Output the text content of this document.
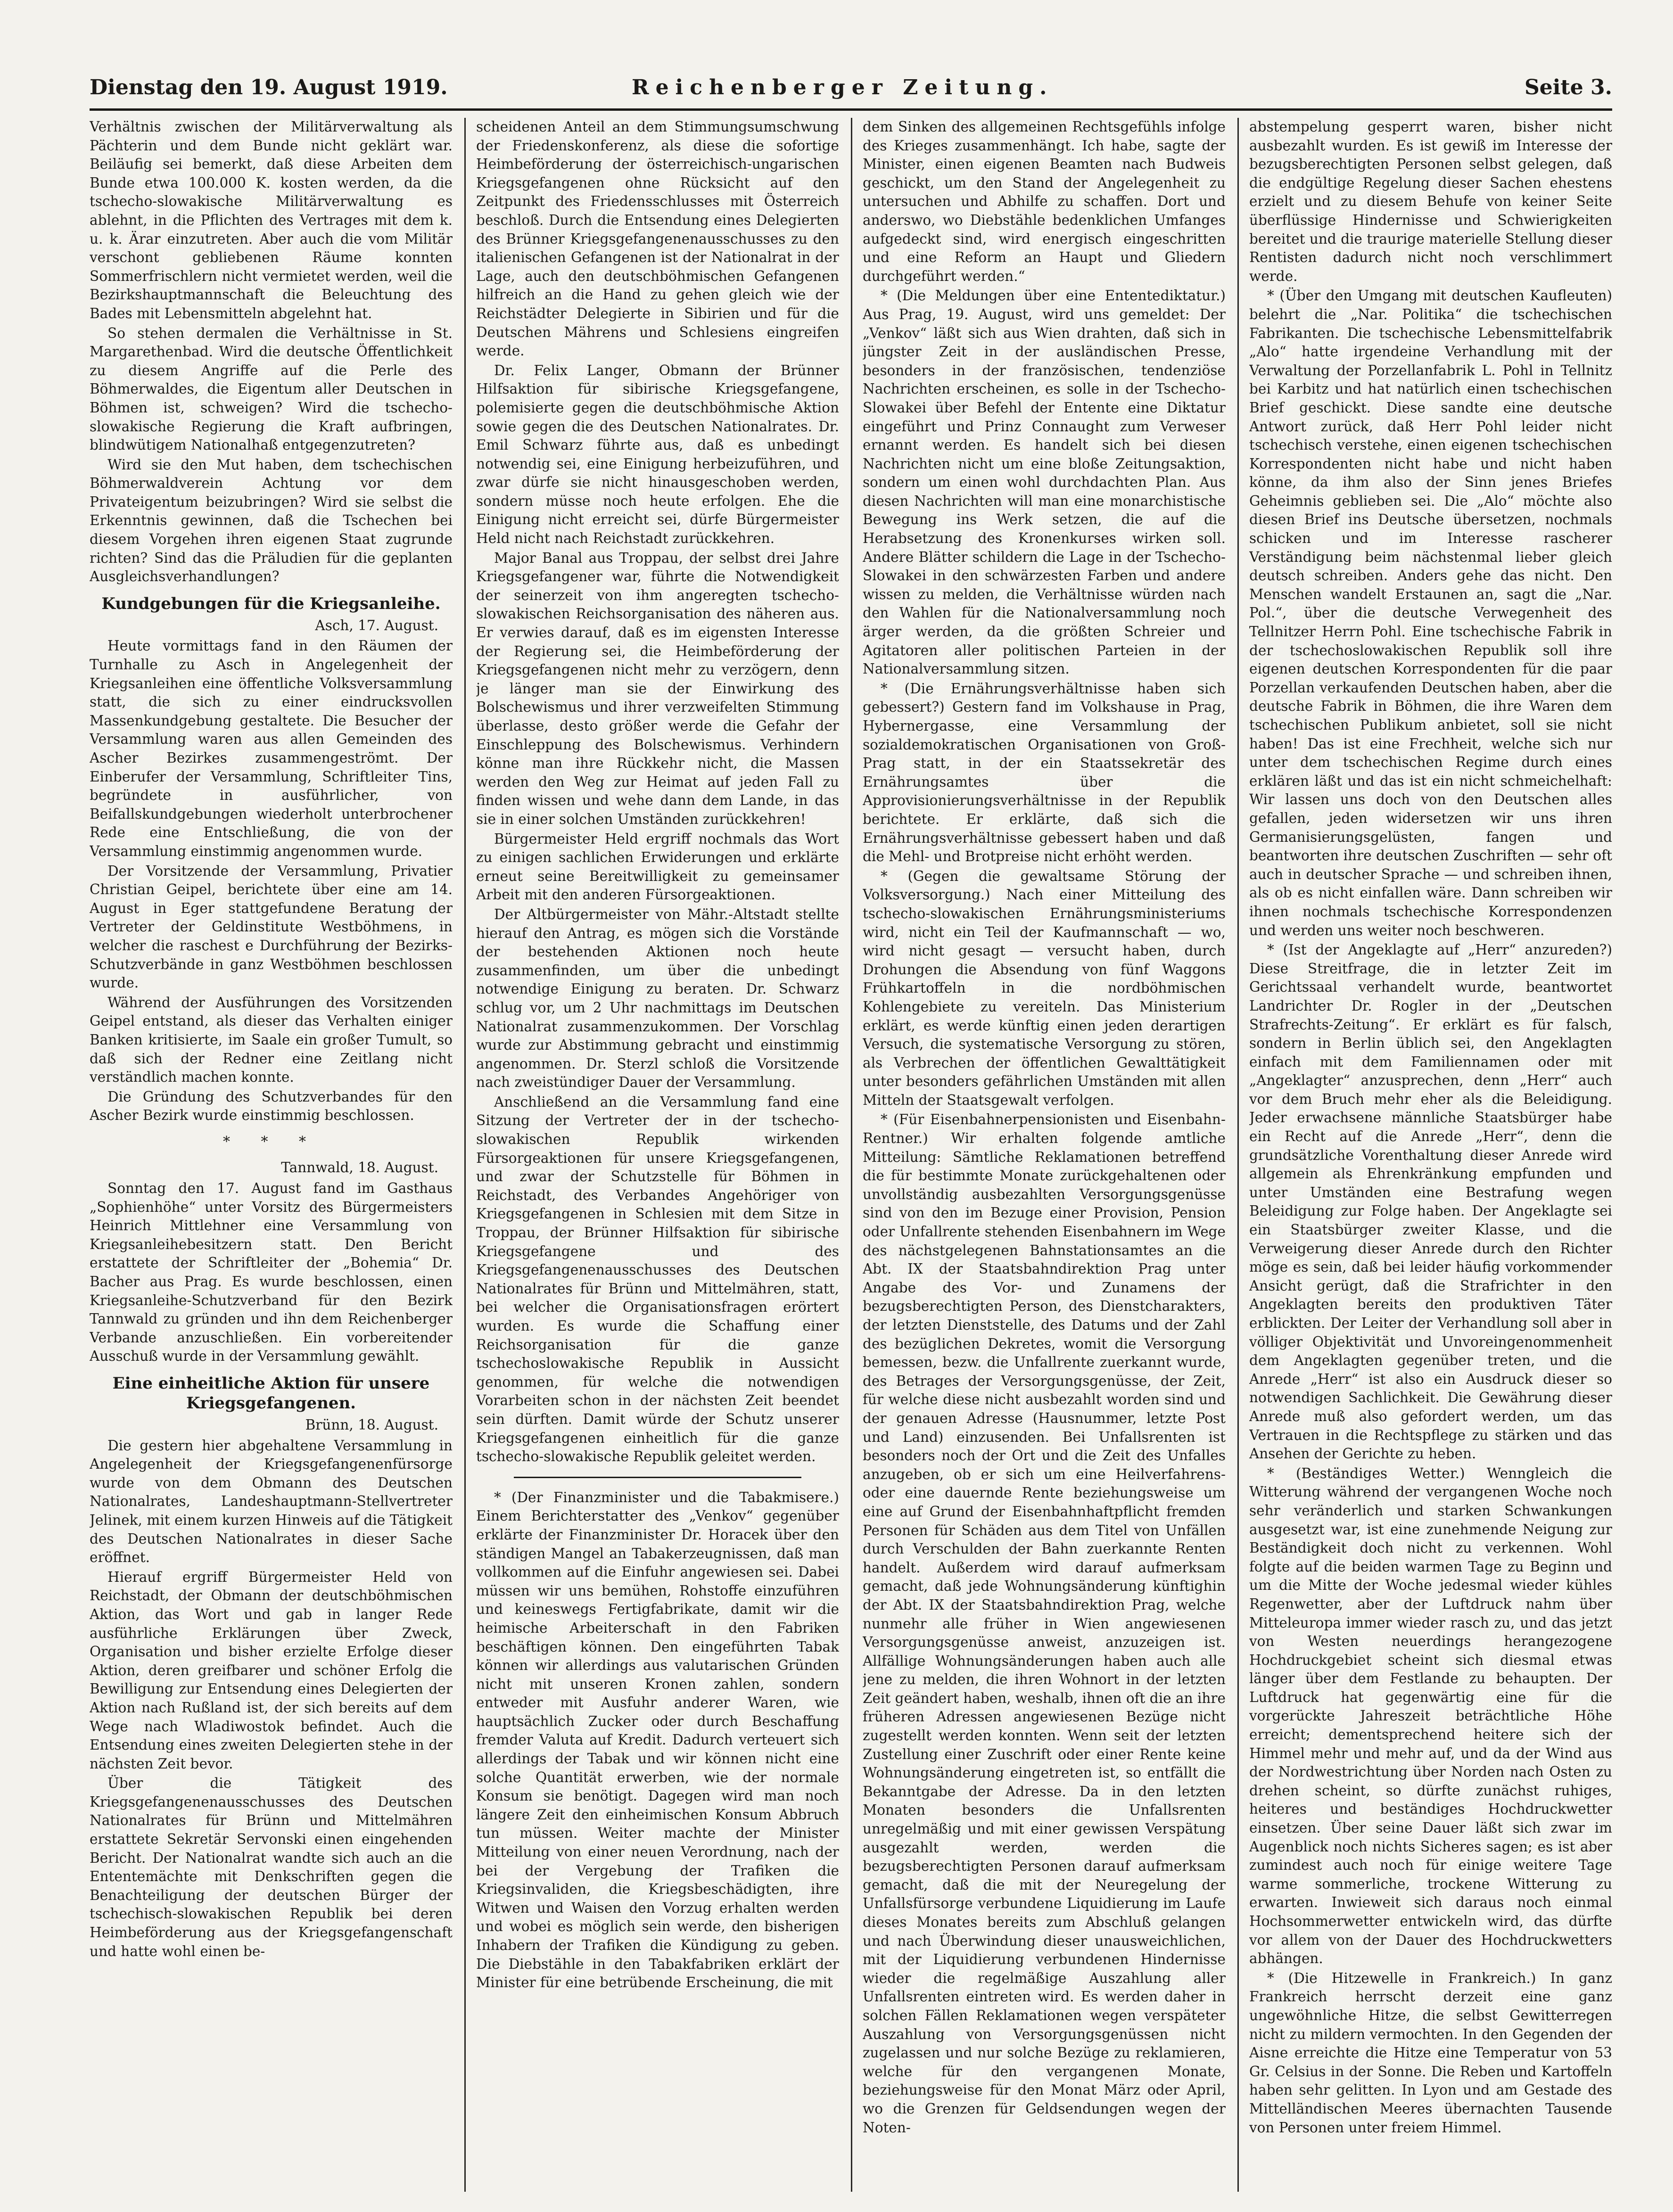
Dienstag den 19. August 1919.	Reichenberger Zeitung.	Seite 3.

Verhältnis zwischen der Militärverwaltung als Pächterin und dem Bunde nicht geklärt war. Beiläufig sei bemerkt, daß diese Arbeiten dem Bunde etwa 100.000 K. kosten werden, da die tschecho-slowakische Militärverwaltung es ablehnt, in die Pflichten des Vertrages mit dem k. u. k. Ärar einzutreten. Aber auch die vom Militär verschont gebliebenen Räume konnten Sommerfrischlern nicht vermietet werden, weil die Bezirkshauptmannschaft die Beleuchtung des Bades mit Lebensmitteln abgelehnt hat.

So stehen dermalen die Verhältnisse in St. Margarethenbad. Wird die deutsche Öffentlichkeit zu diesem Angriffe auf die Perle des Böhmerwaldes, die Eigentum aller Deutschen in Böhmen ist, schweigen? Wird die tschecho-slowakische Regierung die Kraft aufbringen, blindwütigem Nationalhaß entgegenzutreten?

Wird sie den Mut haben, dem tschechischen Böhmerwaldverein Achtung vor dem Privateigentum beizubringen? Wird sie selbst die Erkenntnis gewinnen, daß die Tschechen bei diesem Vorgehen ihren eigenen Staat zugrunde richten? Sind das die Präludien für die geplanten Ausgleichsverhandlungen?

Kundgebungen für die Kriegsanleihe.
Asch, 17. August.

Heute vormittags fand in den Räumen der Turnhalle zu Asch in Angelegenheit der Kriegsanleihen eine öffentliche Volksversammlung statt, die sich zu einer eindrucksvollen Massenkundgebung gestaltete. Die Besucher der Versammlung waren aus allen Gemeinden des Ascher Bezirkes zusammengeströmt. Der Einberufer der Versammlung, Schriftleiter Tins, begründete in ausführlicher, von Beifallskundgebungen wiederholt unterbrochener Rede eine Entschließung, die von der Versammlung einstimmig angenommen wurde.

Der Vorsitzende der Versammlung, Privatier Christian Geipel, berichtete über eine am 14. August in Eger stattgefundene Beratung der Vertreter der Geldinstitute Westböhmens, in welcher die raschest e Durchführung der Bezirks-Schutzverbände in ganz Westböhmen beschlossen wurde.

Während der Ausführungen des Vorsitzenden Geipel entstand, als dieser das Verhalten einiger Banken kritisierte, im Saale ein großer Tumult, so daß sich der Redner eine Zeitlang nicht verständlich machen konnte.

Die Gründung des Schutzverbandes für den Ascher Bezirk wurde einstimmig beschlossen.

* * *
Tannwald, 18. August.

Sonntag den 17. August fand im Gasthaus „Sophienhöhe“ unter Vorsitz des Bürgermeisters Heinrich Mittlehner eine Versammlung von Kriegsanleihebesitzern statt. Den Bericht erstattete der Schriftleiter der „Bohemia“ Dr. Bacher aus Prag. Es wurde beschlossen, einen Kriegsanleihe-Schutzverband für den Bezirk Tannwald zu gründen und ihn dem Reichenberger Verbande anzuschließen. Ein vorbereitender Ausschuß wurde in der Versammlung gewählt.

Eine einheitliche Aktion für unsere Kriegsgefangenen.
Brünn, 18. August.

Die gestern hier abgehaltene Versammlung in Angelegenheit der Kriegsgefangenenfürsorge wurde von dem Obmann des Deutschen Nationalrates, Landeshauptmann-Stellvertreter Jelinek, mit einem kurzen Hinweis auf die Tätigkeit des Deutschen Nationalrates in dieser Sache eröffnet.

Hierauf ergriff Bürgermeister Held von Reichstadt, der Obmann der deutschböhmischen Aktion, das Wort und gab in langer Rede ausführliche Erklärungen über Zweck, Organisation und bisher erzielte Erfolge dieser Aktion, deren greifbarer und schöner Erfolg die Bewilligung zur Entsendung eines Delegierten der Aktion nach Rußland ist, der sich bereits auf dem Wege nach Wladiwostok befindet. Auch die Entsendung eines zweiten Delegierten stehe in der nächsten Zeit bevor.

Über die Tätigkeit des Kriegsgefangenenausschusses des Deutschen Nationalrates für Brünn und Mittelmähren erstattete Sekretär Servonski einen eingehenden Bericht. Der Nationalrat wandte sich auch an die Ententemächte mit Denkschriften gegen die Benachteiligung der deutschen Bürger der tschechisch-slowakischen Republik bei deren Heimbeförderung aus der Kriegsgefangenschaft und hatte wohl einen be-

scheidenen Anteil an dem Stimmungsumschwung der Friedenskonferenz, als diese die sofortige Heimbeförderung der österreichisch-ungarischen Kriegsgefangenen ohne Rücksicht auf den Zeitpunkt des Friedensschlusses mit Österreich beschloß. Durch die Entsendung eines Delegierten des Brünner Kriegsgefangenenausschusses zu den italienischen Gefangenen ist der Nationalrat in der Lage, auch den deutschböhmischen Gefangenen hilfreich an die Hand zu gehen gleich wie der Reichstädter Delegierte in Sibirien und für die Deutschen Mährens und Schlesiens eingreifen werde.

Dr. Felix Langer, Obmann der Brünner Hilfsaktion für sibirische Kriegsgefangene, polemisierte gegen die deutschböhmische Aktion sowie gegen die des Deutschen Nationalrates. Dr. Emil Schwarz führte aus, daß es unbedingt notwendig sei, eine Einigung herbeizuführen, und zwar dürfe sie nicht hinausgeschoben werden, sondern müsse noch heute erfolgen. Ehe die Einigung nicht erreicht sei, dürfe Bürgermeister Held nicht nach Reichstadt zurückkehren.

Major Banal aus Troppau, der selbst drei Jahre Kriegsgefangener war, führte die Notwendigkeit der seinerzeit von ihm angeregten tschecho-slowakischen Reichsorganisation des näheren aus. Er verwies darauf, daß es im eigensten Interesse der Regierung sei, die Heimbeförderung der Kriegsgefangenen nicht mehr zu verzögern, denn je länger man sie der Einwirkung des Bolschewismus und ihrer verzweifelten Stimmung überlasse, desto größer werde die Gefahr der Einschleppung des Bolschewismus. Verhindern könne man ihre Rückkehr nicht, die Massen werden den Weg zur Heimat auf jeden Fall zu finden wissen und wehe dann dem Lande, in das sie in einer solchen Umständen zurückkehren!

Bürgermeister Held ergriff nochmals das Wort zu einigen sachlichen Erwiderungen und erklärte erneut seine Bereitwilligkeit zu gemeinsamer Arbeit mit den anderen Fürsorgeaktionen.

Der Altbürgermeister von Mähr.-Altstadt stellte hierauf den Antrag, es mögen sich die Vorstände der bestehenden Aktionen noch heute zusammenfinden, um über die unbedingt notwendige Einigung zu beraten. Dr. Schwarz schlug vor, um 2 Uhr nachmittags im Deutschen Nationalrat zusammenzukommen. Der Vorschlag wurde zur Abstimmung gebracht und einstimmig angenommen. Dr. Sterzl schloß die Vorsitzende nach zweistündiger Dauer der Versammlung.

Anschließend an die Versammlung fand eine Sitzung der Vertreter der in der tschecho-slowakischen Republik wirkenden Fürsorgeaktionen für unsere Kriegsgefangenen, und zwar der Schutzstelle für Böhmen in Reichstadt, des Verbandes Angehöriger von Kriegsgefangenen in Schlesien mit dem Sitze in Troppau, der Brünner Hilfsaktion für sibirische Kriegsgefangene und des Kriegsgefangenenausschusses des Deutschen Nationalrates für Brünn und Mittelmähren, statt, bei welcher die Organisationsfragen erörtert wurden. Es wurde die Schaffung einer Reichsorganisation für die ganze tschechoslowakische Republik in Aussicht genommen, für welche die notwendigen Vorarbeiten schon in der nächsten Zeit beendet sein dürften. Damit würde der Schutz unserer Kriegsgefangenen einheitlich für die ganze tschecho-slowakische Republik geleitet werden.

* (Der Finanzminister und die Tabakmisere.) Einem Berichterstatter des „Venkov“ gegenüber erklärte der Finanzminister Dr. Horacek über den ständigen Mangel an Tabakerzeugnissen, daß man vollkommen auf die Einfuhr angewiesen sei. Dabei müssen wir uns bemühen, Rohstoffe einzuführen und keineswegs Fertigfabrikate, damit wir die heimische Arbeiterschaft in den Fabriken beschäftigen können. Den eingeführten Tabak können wir allerdings aus valutarischen Gründen nicht mit unseren Kronen zahlen, sondern entweder mit Ausfuhr anderer Waren, wie hauptsächlich Zucker oder durch Beschaffung fremder Valuta auf Kredit. Dadurch verteuert sich allerdings der Tabak und wir können nicht eine solche Quantität erwerben, wie der normale Konsum sie benötigt. Dagegen wird man noch längere Zeit den einheimischen Konsum Abbruch tun müssen. Weiter machte der Minister Mitteilung von einer neuen Verordnung, nach der bei der Vergebung der Trafiken die Kriegsinvaliden, die Kriegsbeschädigten, ihre Witwen und Waisen den Vorzug erhalten werden und wobei es möglich sein werde, den bisherigen Inhabern der Trafiken die Kündigung zu geben. Die Diebstähle in den Tabakfabriken erklärt der Minister für eine betrübende Erscheinung, die mit

dem Sinken des allgemeinen Rechtsgefühls infolge des Krieges zusammenhängt. Ich habe, sagte der Minister, einen eigenen Beamten nach Budweis geschickt, um den Stand der Angelegenheit zu untersuchen und Abhilfe zu schaffen. Dort und anderswo, wo Diebstähle bedenklichen Umfanges aufgedeckt sind, wird energisch eingeschritten und eine Reform an Haupt und Gliedern durchgeführt werden.“

* (Die Meldungen über eine Ententediktatur.) Aus Prag, 19. August, wird uns gemeldet: Der „Venkov“ läßt sich aus Wien drahten, daß sich in jüngster Zeit in der ausländischen Presse, besonders in der französischen, tendenziöse Nachrichten erscheinen, es solle in der Tschecho-Slowakei über Befehl der Entente eine Diktatur eingeführt und Prinz Connaught zum Verweser ernannt werden. Es handelt sich bei diesen Nachrichten nicht um eine bloße Zeitungsaktion, sondern um einen wohl durchdachten Plan. Aus diesen Nachrichten will man eine monarchistische Bewegung ins Werk setzen, die auf die Herabsetzung des Kronenkurses wirken soll. Andere Blätter schildern die Lage in der Tschecho-Slowakei in den schwärzesten Farben und andere wissen zu melden, die Verhältnisse würden nach den Wahlen für die Nationalversammlung noch ärger werden, da die größten Schreier und Agitatoren aller politischen Parteien in der Nationalversammlung sitzen.

* (Die Ernährungsverhältnisse haben sich gebessert?) Gestern fand im Volkshause in Prag, Hybernergasse, eine Versammlung der sozialdemokratischen Organisationen von Groß-Prag statt, in der ein Staatssekretär des Ernährungsamtes über die Approvisionierungsverhältnisse in der Republik berichtete. Er erklärte, daß sich die Ernährungsverhältnisse gebessert haben und daß die Mehl- und Brotpreise nicht erhöht werden.

* (Gegen die gewaltsame Störung der Volksversorgung.) Nach einer Mitteilung des tschecho-slowakischen Ernährungsministeriums wird, nicht ein Teil der Kaufmannschaft — wo, wird nicht gesagt — versucht haben, durch Drohungen die Absendung von fünf Waggons Frühkartoffeln in die nordböhmischen Kohlengebiete zu vereiteln. Das Ministerium erklärt, es werde künftig einen jeden derartigen Versuch, die systematische Versorgung zu stören, als Verbrechen der öffentlichen Gewalttätigkeit unter besonders gefährlichen Umständen mit allen Mitteln der Staatsgewalt verfolgen.

* (Für Eisenbahnerpensionisten und Eisenbahn-Rentner.) Wir erhalten folgende amtliche Mitteilung: Sämtliche Reklamationen betreffend die für bestimmte Monate zurückgehaltenen oder unvollständig ausbezahlten Versorgungsgenüsse sind von den im Bezuge einer Provision, Pension oder Unfallrente stehenden Eisenbahnern im Wege des nächstgelegenen Bahnstationsamtes an die Abt. IX der Staatsbahndirektion Prag unter Angabe des Vor- und Zunamens der bezugsberechtigten Person, des Dienstcharakters, der letzten Dienststelle, des Datums und der Zahl des bezüglichen Dekretes, womit die Versorgung bemessen, bezw. die Unfallrente zuerkannt wurde, des Betrages der Versorgungsgenüsse, der Zeit, für welche diese nicht ausbezahlt worden sind und der genauen Adresse (Hausnummer, letzte Post und Land) einzusenden. Bei Unfallsrenten ist besonders noch der Ort und die Zeit des Unfalles anzugeben, ob er sich um eine Heilverfahrens- oder eine dauernde Rente beziehungsweise um eine auf Grund der Eisenbahnhaftpflicht fremden Personen für Schäden aus dem Titel von Unfällen durch Verschulden der Bahn zuerkannte Renten handelt. Außerdem wird darauf aufmerksam gemacht, daß jede Wohnungsänderung künftighin der Abt. IX der Staatsbahndirektion Prag, welche nunmehr alle früher in Wien angewiesenen Versorgungsgenüsse anweist, anzuzeigen ist. Allfällige Wohnungsänderungen haben auch alle jene zu melden, die ihren Wohnort in der letzten Zeit geändert haben, weshalb, ihnen oft die an ihre früheren Adressen angewiesenen Bezüge nicht zugestellt werden konnten. Wenn seit der letzten Zustellung einer Zuschrift oder einer Rente keine Wohnungsänderung eingetreten ist, so entfällt die Bekanntgabe der Adresse. Da in den letzten Monaten besonders die Unfallsrenten unregelmäßig und mit einer gewissen Verspätung ausgezahlt werden, werden die bezugsberechtigten Personen darauf aufmerksam gemacht, daß die mit der Neuregelung der Unfallsfürsorge verbundene Liquidierung im Laufe dieses Monates bereits zum Abschluß gelangen und nach Überwindung dieser unausweichlichen, mit der Liquidierung verbundenen Hindernisse wieder die regelmäßige Auszahlung aller Unfallsrenten eintreten wird. Es werden daher in solchen Fällen Reklamationen wegen verspäteter Auszahlung von Versorgungsgenüssen nicht zugelassen und nur solche Bezüge zu reklamieren, welche für den vergangenen Monate, beziehungsweise für den Monat März oder April, wo die Grenzen für Geldsendungen wegen der Noten-

abstempelung gesperrt waren, bisher nicht ausbezahlt wurden. Es ist gewiß im Interesse der bezugsberechtigten Personen selbst gelegen, daß die endgültige Regelung dieser Sachen ehestens erzielt und zu diesem Behufe von keiner Seite überflüssige Hindernisse und Schwierigkeiten bereitet und die traurige materielle Stellung dieser Rentisten dadurch nicht noch verschlimmert werde.

* (Über den Umgang mit deutschen Kaufleuten) belehrt die „Nar. Politika“ die tschechischen Fabrikanten. Die tschechische Lebensmittelfabrik „Alo“ hatte irgendeine Verhandlung mit der Verwaltung der Porzellanfabrik L. Pohl in Tellnitz bei Karbitz und hat natürlich einen tschechischen Brief geschickt. Diese sandte eine deutsche Antwort zurück, daß Herr Pohl leider nicht tschechisch verstehe, einen eigenen tschechischen Korrespondenten nicht habe und nicht haben könne, da ihm also der Sinn jenes Briefes Geheimnis geblieben sei. Die „Alo“ möchte also diesen Brief ins Deutsche übersetzen, nochmals schicken und im Interesse rascherer Verständigung beim nächstenmal lieber gleich deutsch schreiben. Anders gehe das nicht. Den Menschen wandelt Erstaunen an, sagt die „Nar. Pol.“, über die deutsche Verwegenheit des Tellnitzer Herrn Pohl. Eine tschechische Fabrik in der tschechoslowakischen Republik soll ihre eigenen deutschen Korrespondenten für die paar Porzellan verkaufenden Deutschen haben, aber die deutsche Fabrik in Böhmen, die ihre Waren dem tschechischen Publikum anbietet, soll sie nicht haben! Das ist eine Frechheit, welche sich nur unter dem tschechischen Regime durch eines erklären läßt und das ist ein nicht schmeichelhaft: Wir lassen uns doch von den Deutschen alles gefallen, jeden widersetzen wir uns ihren Germanisierungsgelüsten, fangen und beantworten ihre deutschen Zuschriften — sehr oft auch in deutscher Sprache — und schreiben ihnen, als ob es nicht einfallen wäre. Dann schreiben wir ihnen nochmals tschechische Korrespondenzen und werden uns weiter noch beschweren.

* (Ist der Angeklagte auf „Herr“ anzureden?) Diese Streitfrage, die in letzter Zeit im Gerichtssaal verhandelt wurde, beantwortet Landrichter Dr. Rogler in der „Deutschen Strafrechts-Zeitung“. Er erklärt es für falsch, sondern in Berlin üblich sei, den Angeklagten einfach mit dem Familiennamen oder mit „Angeklagter“ anzusprechen, denn „Herr“ auch vor dem Bruch mehr eher als die Beleidigung. Jeder erwachsene männliche Staatsbürger habe ein Recht auf die Anrede „Herr“, denn die grundsätzliche Vorenthaltung dieser Anrede wird allgemein als Ehrenkränkung empfunden und unter Umständen eine Bestrafung wegen Beleidigung zur Folge haben. Der Angeklagte sei ein Staatsbürger zweiter Klasse, und die Verweigerung dieser Anrede durch den Richter möge es sein, daß bei leider häufig vorkommender Ansicht gerügt, daß die Strafrichter in den Angeklagten bereits den produktiven Täter erblickten. Der Leiter der Verhandlung soll aber in völliger Objektivität und Unvoreingenommenheit dem Angeklagten gegenüber treten, und die Anrede „Herr“ ist also ein Ausdruck dieser so notwendigen Sachlichkeit. Die Gewährung dieser Anrede muß also gefordert werden, um das Vertrauen in die Rechtspflege zu stärken und das Ansehen der Gerichte zu heben.

* (Beständiges Wetter.) Wenngleich die Witterung während der vergangenen Woche noch sehr veränderlich und starken Schwankungen ausgesetzt war, ist eine zunehmende Neigung zur Beständigkeit doch nicht zu verkennen. Wohl folgte auf die beiden warmen Tage zu Beginn und um die Mitte der Woche jedesmal wieder kühles Regenwetter, aber der Luftdruck nahm über Mitteleuropa immer wieder rasch zu, und das jetzt von Westen neuerdings herangezogene Hochdruckgebiet scheint sich diesmal etwas länger über dem Festlande zu behaupten. Der Luftdruck hat gegenwärtig eine für die vorgerückte Jahreszeit beträchtliche Höhe erreicht; dementsprechend heitere sich der Himmel mehr und mehr auf, und da der Wind aus der Nordwestrichtung über Norden nach Osten zu drehen scheint, so dürfte zunächst ruhiges, heiteres und beständiges Hochdruckwetter einsetzen. Über seine Dauer läßt sich zwar im Augenblick noch nichts Sicheres sagen; es ist aber zumindest auch noch für einige weitere Tage warme sommerliche, trockene Witterung zu erwarten. Inwieweit sich daraus noch einmal Hochsommerwetter entwickeln wird, das dürfte vor allem von der Dauer des Hochdruckwetters abhängen.

* (Die Hitzewelle in Frankreich.) In ganz Frankreich herrscht derzeit eine ganz ungewöhnliche Hitze, die selbst Gewitterregen nicht zu mildern vermochten. In den Gegenden der Aisne erreichte die Hitze eine Temperatur von 53 Gr. Celsius in der Sonne. Die Reben und Kartoffeln haben sehr gelitten. In Lyon und am Gestade des Mittelländischen Meeres übernachten Tausende von Personen unter freiem Himmel.
